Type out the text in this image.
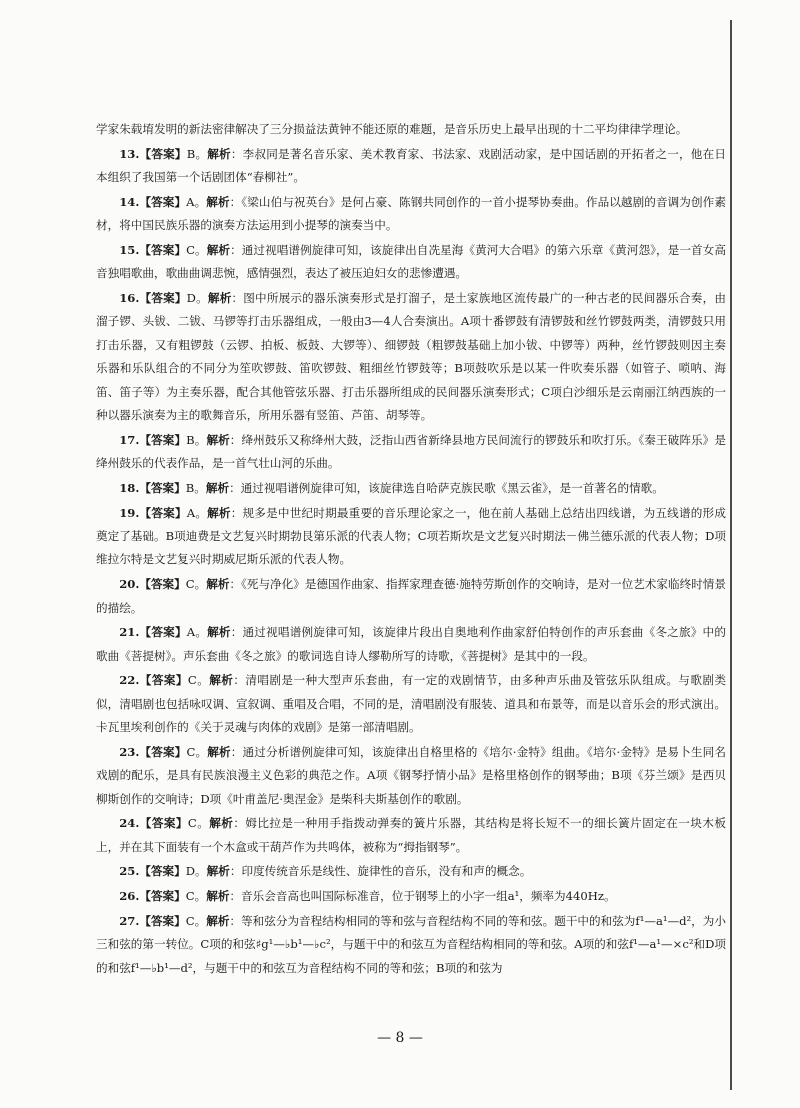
学家朱载堉发明的新法密律解决了三分损益法黄钟不能还原的难题，是音乐历史上最早出现的十二平均律律学理论。

13.【答案】B。解析：李叔同是著名音乐家、美术教育家、书法家、戏剧活动家，是中国话剧的开拓者之一，他在日本组织了我国第一个话剧团体“春柳社”。

14.【答案】A。解析：《梁山伯与祝英台》是何占豪、陈钢共同创作的一首小提琴协奏曲。作品以越剧的音调为创作素材，将中国民族乐器的演奏方法运用到小提琴的演奏当中。

15.【答案】C。解析：通过视唱谱例旋律可知，该旋律出自冼星海《黄河大合唱》的第六乐章《黄河怨》，是一首女高音独唱歌曲，歌曲曲调悲惋，感情强烈，表达了被压迫妇女的悲惨遭遇。

16.【答案】D。解析：图中所展示的器乐演奏形式是打溜子，是土家族地区流传最广的一种古老的民间器乐合奏，由溜子锣、头钹、二钹、马锣等打击乐器组成，一般由3—4人合奏演出。A项十番锣鼓有清锣鼓和丝竹锣鼓两类，清锣鼓只用打击乐器，又有粗锣鼓（云锣、拍板、板鼓、大锣等）、细锣鼓（粗锣鼓基础上加小钹、中锣等）两种，丝竹锣鼓则因主奏乐器和乐队组合的不同分为笙吹锣鼓、笛吹锣鼓、粗细丝竹锣鼓等；B项鼓吹乐是以某一件吹奏乐器（如管子、唢呐、海笛、笛子等）为主奏乐器，配合其他管弦乐器、打击乐器所组成的民间器乐演奏形式；C项白沙细乐是云南丽江纳西族的一种以器乐演奏为主的歌舞音乐，所用乐器有竖笛、芦笛、胡琴等。

17.【答案】B。解析：绛州鼓乐又称绛州大鼓，泛指山西省新绛县地方民间流行的锣鼓乐和吹打乐。《秦王破阵乐》是绛州鼓乐的代表作品，是一首气壮山河的乐曲。

18.【答案】B。解析：通过视唱谱例旋律可知，该旋律选自哈萨克族民歌《黑云雀》，是一首著名的情歌。

19.【答案】A。解析：规多是中世纪时期最重要的音乐理论家之一，他在前人基础上总结出四线谱，为五线谱的形成奠定了基础。B项迪费是文艺复兴时期勃艮第乐派的代表人物；C项若斯坎是文艺复兴时期法－佛兰德乐派的代表人物；D项维拉尔特是文艺复兴时期威尼斯乐派的代表人物。

20.【答案】C。解析：《死与净化》是德国作曲家、指挥家理查德·施特劳斯创作的交响诗，是对一位艺术家临终时情景的描绘。

21.【答案】A。解析：通过视唱谱例旋律可知，该旋律片段出自奥地利作曲家舒伯特创作的声乐套曲《冬之旅》中的歌曲《菩提树》。声乐套曲《冬之旅》的歌词选自诗人缪勒所写的诗歌，《菩提树》是其中的一段。

22.【答案】C。解析：清唱剧是一种大型声乐套曲，有一定的戏剧情节，由多种声乐曲及管弦乐队组成。与歌剧类似，清唱剧也包括咏叹调、宣叙调、重唱及合唱，不同的是，清唱剧没有服装、道具和布景等，而是以音乐会的形式演出。卡瓦里埃利创作的《关于灵魂与肉体的戏剧》是第一部清唱剧。

23.【答案】C。解析：通过分析谱例旋律可知，该旋律出自格里格的《培尔·金特》组曲。《培尔·金特》是易卜生同名戏剧的配乐，是具有民族浪漫主义色彩的典范之作。A项《钢琴抒情小品》是格里格创作的钢琴曲；B项《芬兰颂》是西贝柳斯创作的交响诗；D项《叶甫盖尼·奥涅金》是柴科夫斯基创作的歌剧。

24.【答案】C。解析：姆比拉是一种用手指拨动弹奏的簧片乐器，其结构是将长短不一的细长簧片固定在一块木板上，并在其下面装有一个木盒或干葫芦作为共鸣体，被称为“拇指钢琴”。

25.【答案】D。解析：印度传统音乐是线性、旋律性的音乐，没有和声的概念。

26.【答案】C。解析：音乐会音高也叫国际标准音，位于钢琴上的小字一组a¹，频率为440Hz。

27.【答案】C。解析：等和弦分为音程结构相同的等和弦与音程结构不同的等和弦。题干中的和弦为f¹—a¹—d²，为小三和弦的第一转位。C项的和弦♯g¹—♭b¹—♭c²，与题干中的和弦互为音程结构相同的等和弦。A项的和弦f¹—a¹—×c²和D项的和弦f¹—♭b¹—d²，与题干中的和弦互为音程结构不同的等和弦；B项的和弦为

— 8 —
